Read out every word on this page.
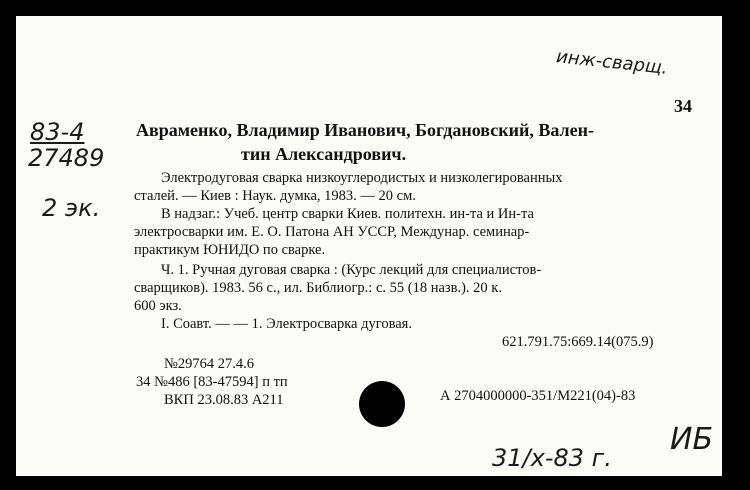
инж-сварщ.
83-4
27489
2 эк.
31/х-83 г.
ИБ
34
Авраменко, Владимир Иванович, Богдановский, Вален-
тин Александрович.
Электродуговая сварка низкоуглеродистых и низколегированных
сталей. — Киев : Наук. думка, 1983. — 20 см.
В надзаг.: Учеб. центр сварки Киев. политехн. ин-та и Ин-та
электросварки им. Е. О. Патона АН УССР, Междунар. семинар-
практикум ЮНИДО по сварке.
Ч. 1. Ручная дуговая сварка : (Курс лекций для специалистов-
сварщиков). 1983. 56 с., ил. Библиогр.: с. 55 (18 назв.). 20 к.
600 экз.
I. Соавт. — — 1. Электросварка дуговая.
621.791.75:669.14(075.9)
№29764 27.4.6
34 №486 [83-47594] п тп
ВКП 23.08.83 А211	А 2704000000-351/М221(04)-83
